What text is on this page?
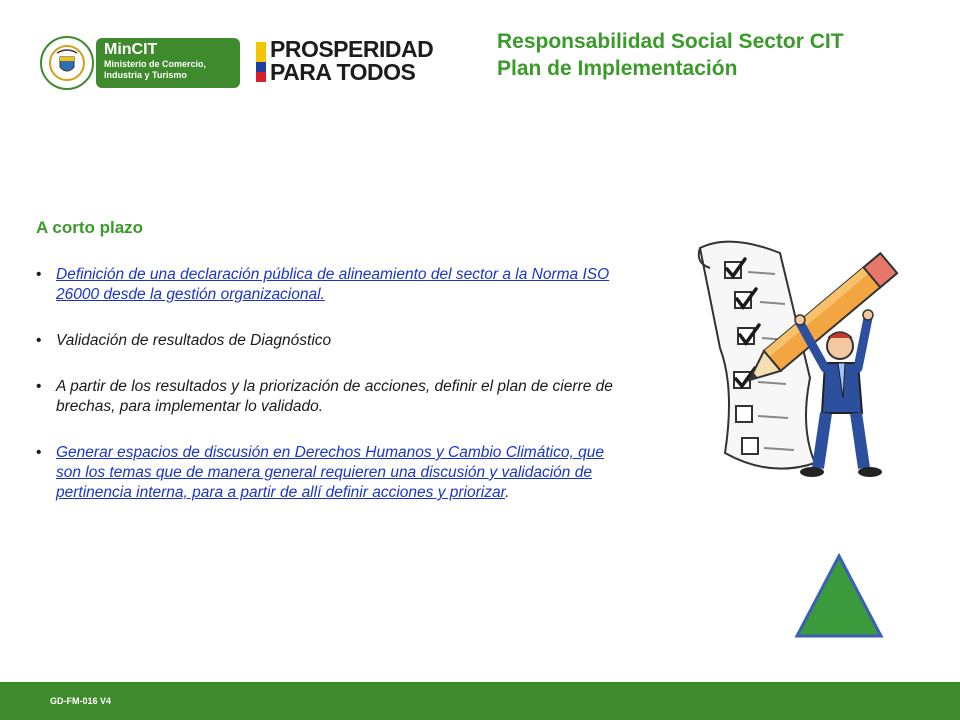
MinCIT
Ministerio de Comercio,
Industria y Turismo
PROSPERIDAD
PARA TODOS
Responsabilidad Social Sector CIT
Plan de Implementación
A corto plazo
• Definición de una declaración pública de alineamiento del sector a la Norma ISO 26000 desde la gestión organizacional.
• Validación de resultados de Diagnóstico
• A partir de los resultados y la priorización de acciones, definir el plan de cierre de brechas, para implementar lo validado.
• Generar espacios de discusión en Derechos Humanos y Cambio Climático, que son los temas que de manera general requieren una discusión y validación de pertinencia interna, para a partir de allí definir acciones y priorizar.
GD-FM-016 V4
